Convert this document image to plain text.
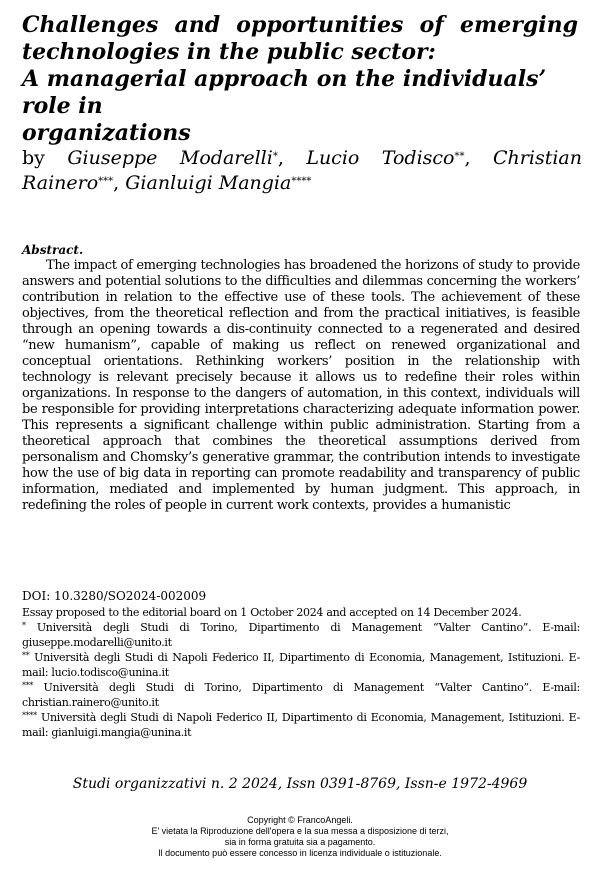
Challenges and opportunities of emerging
technologies in the public sector:
A managerial approach on the individuals’ role in
organizations
by Giuseppe Modarelli*, Lucio Todisco**, Christian
Rainero***, Gianluigi Mangia****
Abstract.
The impact of emerging technologies has broadened the horizons of study to provide answers and potential solutions to the difficulties and dilemmas concerning the workers’ contribution in relation to the effective use of these tools. The achievement of these objectives, from the theoretical reflection and from the practical initiatives, is feasible through an opening towards a dis-continuity connected to a regenerated and desired “new humanism”, capable of making us reflect on renewed organizational and conceptual orientations. Rethinking workers’ position in the relationship with technology is relevant precisely because it allows us to redefine their roles within organizations. In response to the dangers of automation, in this context, individuals will be responsible for providing interpretations characterizing adequate information power. This represents a significant challenge within public administration. Starting from a theoretical approach that combines the theoretical assumptions derived from personalism and Chomsky’s generative grammar, the contribution intends to investigate how the use of big data in reporting can promote readability and transparency of public information, mediated and implemented by human judgment. This approach, in redefining the roles of people in current work contexts, provides a humanistic
DOI: 10.3280/SO2024-002009
Essay proposed to the editorial board on 1 October 2024 and accepted on 14 December 2024.
* Università degli Studi di Torino, Dipartimento di Management “Valter Cantino”. E-mail: giuseppe.modarelli@unito.it
** Università degli Studi di Napoli Federico II, Dipartimento di Economia, Management, Istituzioni. E-mail: lucio.todisco@unina.it
*** Università degli Studi di Torino, Dipartimento di Management “Valter Cantino”. E-mail: christian.rainero@unito.it
**** Università degli Studi di Napoli Federico II, Dipartimento di Economia, Management, Istituzioni. E-mail: gianluigi.mangia@unina.it
Studi organizzativi n. 2 2024, Issn 0391-8769, Issn-e 1972-4969
Copyright © FrancoAngeli.
E' vietata la Riproduzione dell'opera e la sua messa a disposizione di terzi,
sia in forma gratuita sia a pagamento.
Il documento può essere concesso in licenza individuale o istituzionale.
